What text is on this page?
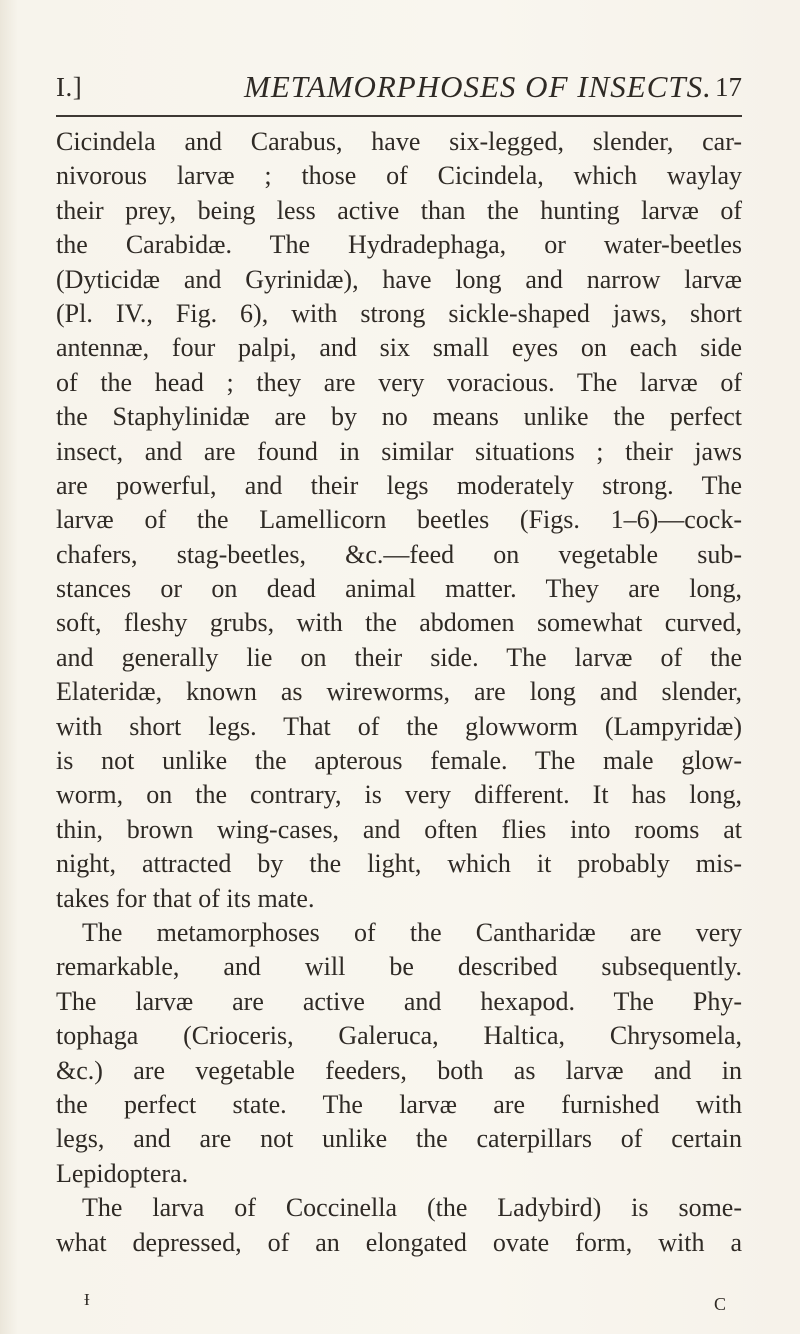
I.]	METAMORPHOSES OF INSECTS. 17
Cicindela and Carabus, have six-legged, slender, car-
nivorous larvæ ; those of Cicindela, which waylay
their prey, being less active than the hunting larvæ of
the Carabidæ. The Hydradephaga, or water-beetles
(Dyticidæ and Gyrinidæ), have long and narrow larvæ
(Pl. IV., Fig. 6), with strong sickle-shaped jaws, short
antennæ, four palpi, and six small eyes on each side
of the head ; they are very voracious. The larvæ of
the Staphylinidæ are by no means unlike the perfect
insect, and are found in similar situations ; their jaws
are powerful, and their legs moderately strong. The
larvæ of the Lamellicorn beetles (Figs. 1–6)—cock-
chafers, stag-beetles, &c.—feed on vegetable sub-
stances or on dead animal matter. They are long,
soft, fleshy grubs, with the abdomen somewhat curved,
and generally lie on their side. The larvæ of the
Elateridæ, known as wireworms, are long and slender,
with short legs. That of the glowworm (Lampyridæ)
is not unlike the apterous female. The male glow-
worm, on the contrary, is very different. It has long,
thin, brown wing-cases, and often flies into rooms at
night, attracted by the light, which it probably mis-
takes for that of its mate.
The metamorphoses of the Cantharidæ are very
remarkable, and will be described subsequently.
The larvæ are active and hexapod. The Phy-
tophaga (Crioceris, Galeruca, Haltica, Chrysomela,
&c.) are vegetable feeders, both as larvæ and in
the perfect state. The larvæ are furnished with
legs, and are not unlike the caterpillars of certain
Lepidoptera.
The larva of Coccinella (the Ladybird) is some-
what depressed, of an elongated ovate form, with a
Ɨ	C
